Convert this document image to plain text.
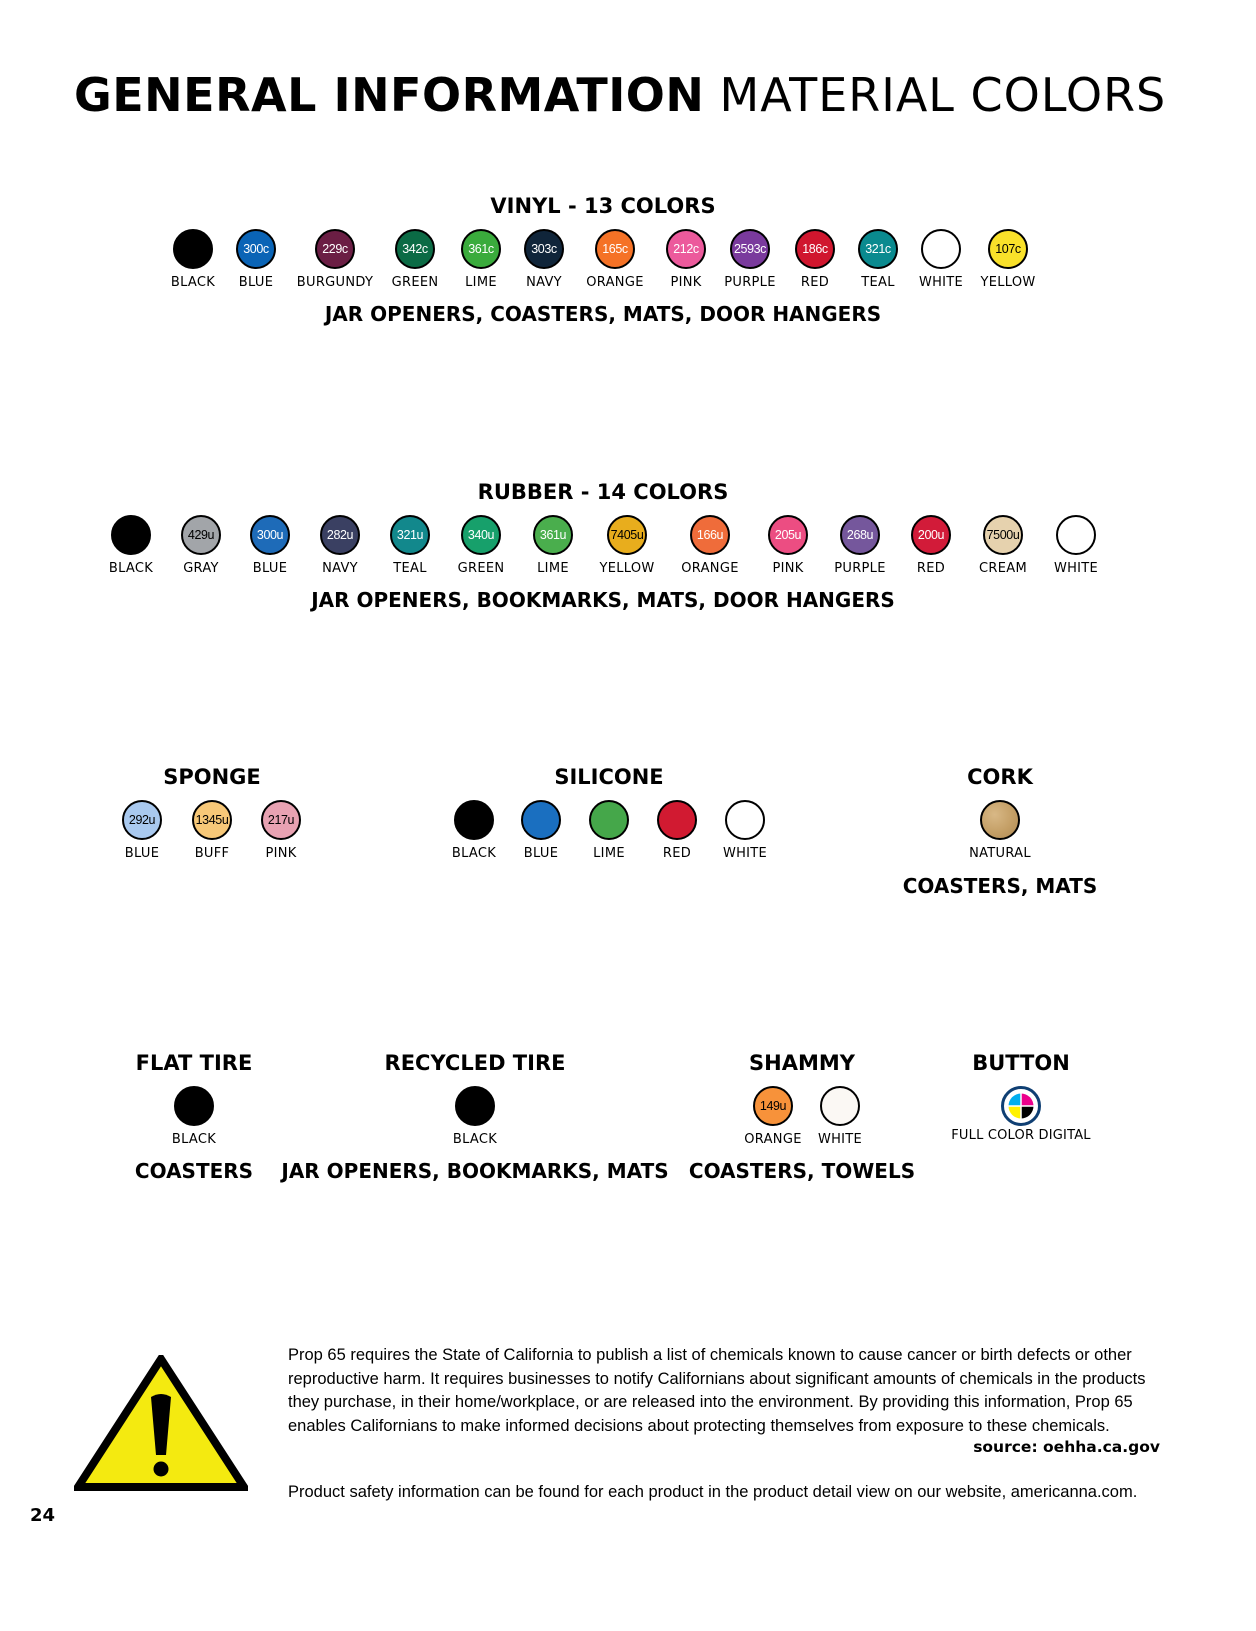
GENERAL INFORMATION MATERIAL COLORS
VINYL - 13 COLORS
BLACK
300c
BLUE
229c
BURGUNDY
342c
GREEN
361c
LIME
303c
NAVY
165c
ORANGE
212c
PINK
2593c
PURPLE
186c
RED
321c
TEAL	WHITE
107c
YELLOW
JAR OPENERS, COASTERS, MATS, DOOR HANGERS
RUBBER - 14 COLORS
BLACK
429u
GRAY
300u
BLUE
282u
NAVY
321u
TEAL
340u
GREEN
361u
LIME
7405u
YELLOW
166u
ORANGE
205u
PINK
268u
PURPLE
200u
RED
7500u
CREAM	WHITE
JAR OPENERS, BOOKMARKS, MATS, DOOR HANGERS
SPONGE
292u
BLUE
1345u
BUFF
217u
PINK
SILICONE
BLACK	BLUE	LIME	RED	WHITE
CORK
NATURAL
COASTERS, MATS
FLAT TIRE
BLACK
COASTERS
RECYCLED TIRE
BLACK
JAR OPENERS, BOOKMARKS, MATS
SHAMMY
149u
ORANGE	WHITE
COASTERS, TOWELS
BUTTON
FULL COLOR DIGITAL
Prop 65 requires the State of California to publish a list of chemicals known to cause cancer or birth defects or other reproductive harm. It requires businesses to notify Californians about significant amounts of chemicals in the products they purchase, in their home/workplace, or are released into the environment. By providing this information, Prop 65 enables Californians to make informed decisions about protecting themselves from exposure to these chemicals.
source: oehha.ca.gov
Product safety information can be found for each product in the product detail view on our website, americanna.com.
24
